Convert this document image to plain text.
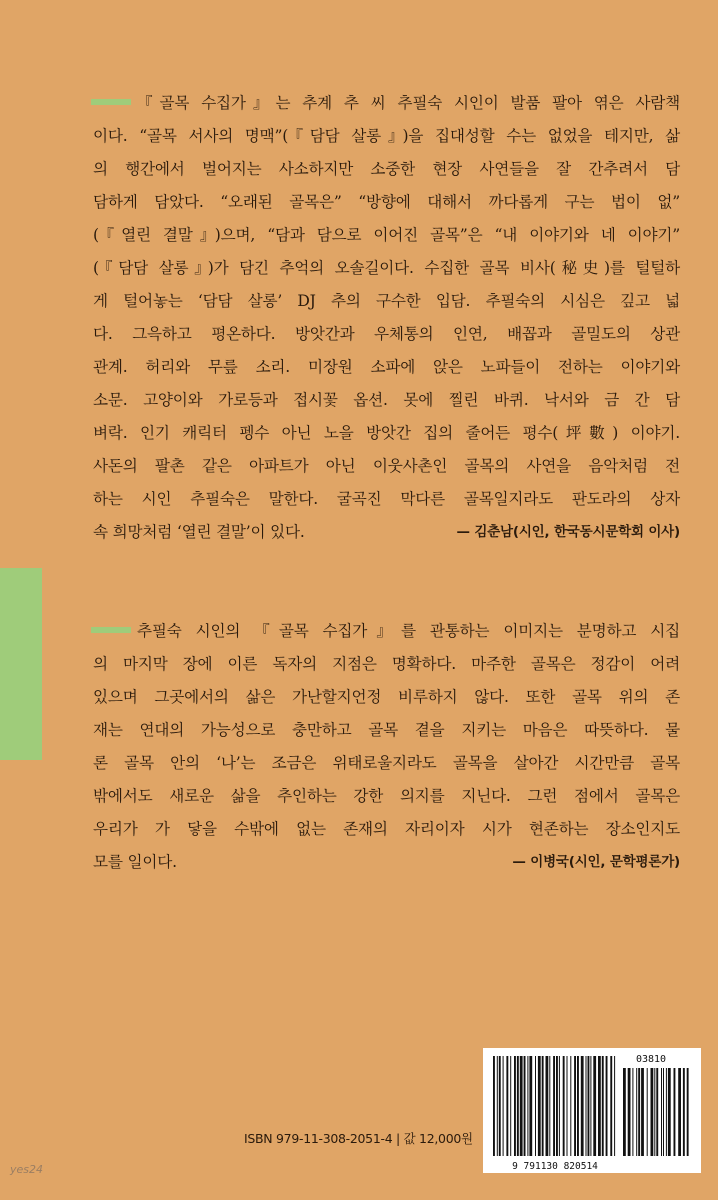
『골목 수집가』는 추계 추 씨 추필숙 시인이 발품 팔아 엮은 사람책
이다. “골목 서사의 명맥”(『담담 살롱』)을 집대성할 수는 없었을 테지만, 삶
의 행간에서 벌어지는 사소하지만 소중한 현장 사연들을 잘 간추려서 담
담하게 담았다. “오래된 골목은” “방향에 대해서 까다롭게 구는 법이 없”
(『열린 결말』)으며, “담과 담으로 이어진 골목”은 “내 이야기와 네 이야기”
(『담담 살롱』)가 담긴 추억의 오솔길이다. 수집한 골목 비사(秘史)를 털털하
게 털어놓는 ‘담담 살롱’ DJ 추의 구수한 입담. 추필숙의 시심은 깊고 넓
다. 그윽하고 평온하다. 방앗간과 우체통의 인연, 배꼽과 골밀도의 상관
관계. 허리와 무릎 소리. 미장원 소파에 앉은 노파들이 전하는 이야기와
소문. 고양이와 가로등과 접시꽃 옵션. 못에 찔린 바퀴. 낙서와 금 간 담
벼락. 인기 캐릭터 펭수 아닌 노을 방앗간 집의 줄어든 평수(坪數) 이야기.
사돈의 팔촌 같은 아파트가 아닌 이웃사촌인 골목의 사연을 음악처럼 전
하는 시인 추필숙은 말한다. 굴곡진 막다른 골목일지라도 판도라의 상자
속 희망처럼 ‘열린 결말’이 있다.	— 김춘남(시인, 한국동시문학회 이사)
추필숙 시인의 『골목 수집가』를 관통하는 이미지는 분명하고 시집
의 마지막 장에 이른 독자의 지점은 명확하다. 마주한 골목은 정감이 어려
있으며 그곳에서의 삶은 가난할지언정 비루하지 않다. 또한 골목 위의 존
재는 연대의 가능성으로 충만하고 골목 곁을 지키는 마음은 따뜻하다. 물
론 골목 안의 ‘나’는 조금은 위태로울지라도 골목을 살아간 시간만큼 골목
밖에서도 새로운 삶을 추인하는 강한 의지를 지닌다. 그런 점에서 골목은
우리가 가 닿을 수밖에 없는 존재의 자리이자 시가 현존하는 장소인지도
모를 일이다.	— 이병국(시인, 문학평론가)
ISBN 979-11-308-2051-4 | 값 12,000원
03810
9 791130 820514
yes24
